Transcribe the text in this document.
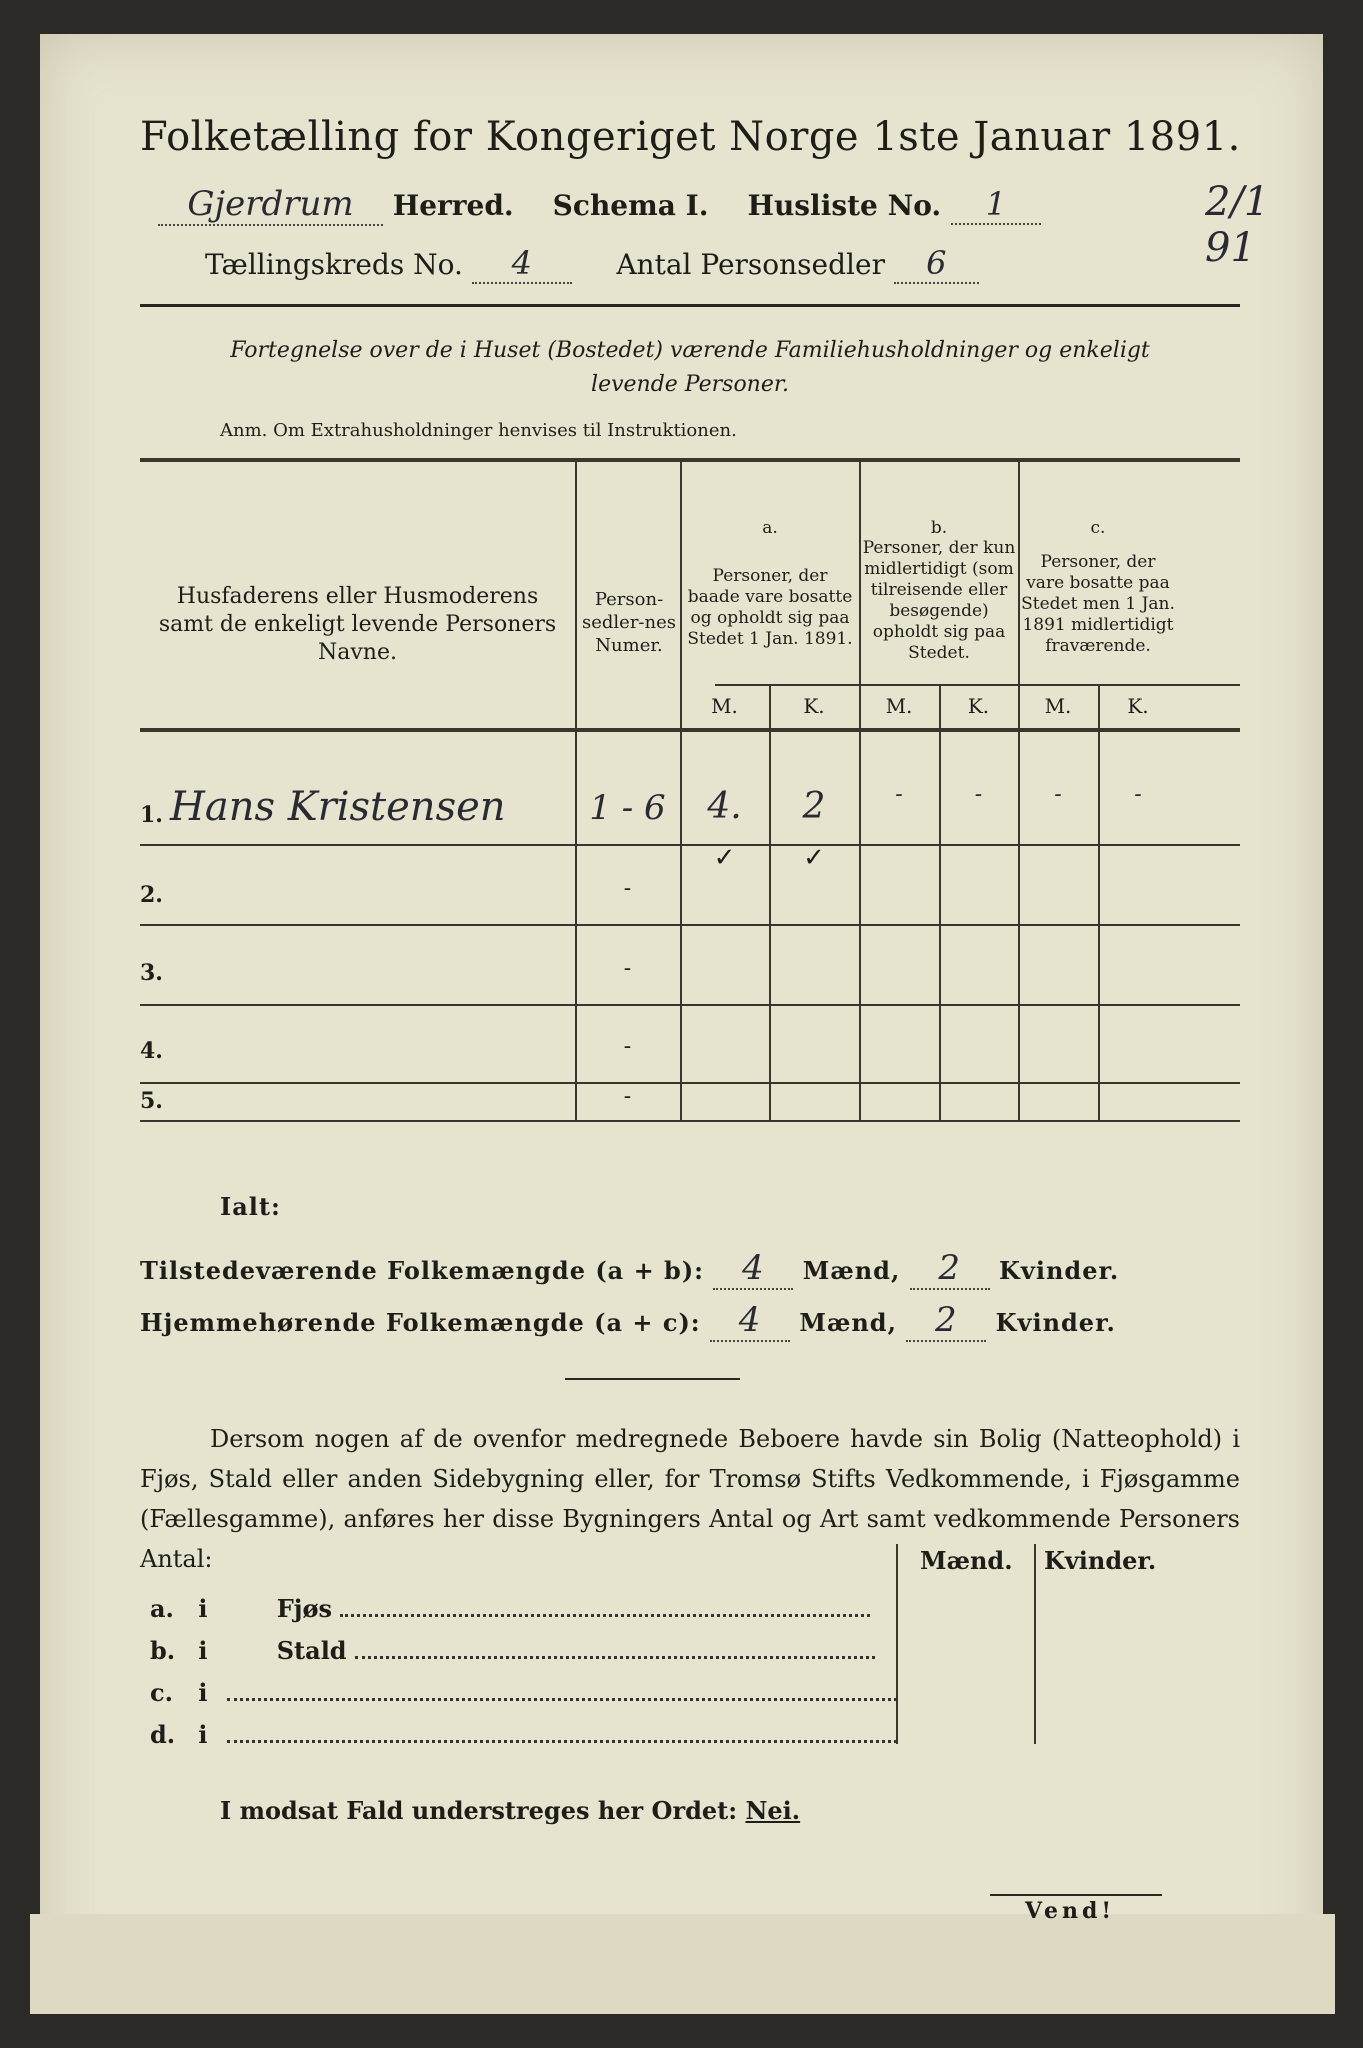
Folketælling for Kongeriget Norge 1ste Januar 1891.
Gjerdrum Herred. Schema I. Husliste No. 1	2/1 91
Tællingskreds No. 4	Antal Personsedler 6
Fortegnelse over de i Huset (Bostedet) værende Familiehusholdninger og enkeligt
levende Personer.
Anm. Om Extrahusholdninger henvises til Instruktionen.
Husfaderens eller Husmoderens samt de enkeligt levende Personers Navne.
Person-sedler-nes Numer.
a.
Personer, der baade vare bosatte og opholdt sig paa Stedet 1 Jan. 1891.
b.
Personer, der kun midlertidigt (som tilreisende eller besøgende) opholdt sig paa Stedet.
c.
Personer, der vare bosatte paa Stedet men 1 Jan. 1891 midlertidigt fraværende.
M.	K.	M.	K.	M.	K.
1. Hans Kristensen	1 - 6	4.	2	-	-	-	-
✓	✓
2.	-
3.	-
4.	-
5.	-
Ialt:
Tilstedeværende Folkemængde (a + b): 4 Mænd, 2 Kvinder.
Hjemmehørende Folkemængde (a + c): 4 Mænd, 2 Kvinder.

Dersom nogen af de ovenfor medregnede Beboere havde sin Bolig (Natteophold) i Fjøs, Stald eller anden Sidebygning eller, for Tromsø Stifts Vedkommende, i Fjøsgamme (Fællesgamme), anføres her disse Bygningers Antal og Art samt vedkommende Personers Antal:	Mænd. Kvinder.
a. i	Fjøs
b. i	Stald
c. i
d. i
I modsat Fald understreges her Ordet: Nei.
Vend!
